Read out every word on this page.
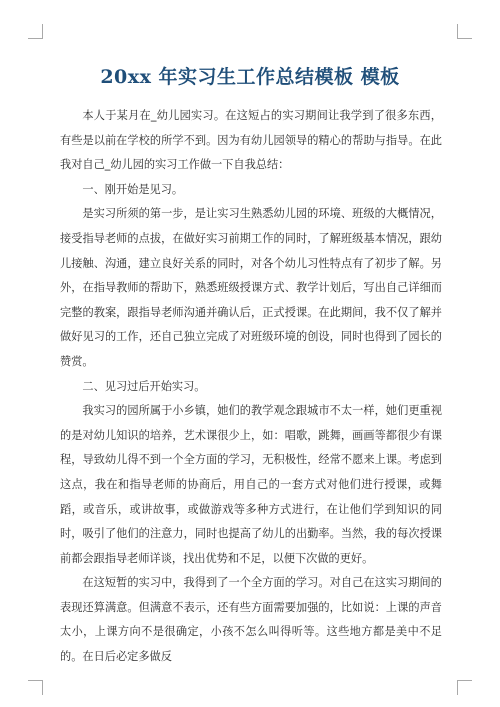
20xx 年实习生工作总结模板 模板

本人于某月在_幼儿园实习。在这短占的实习期间让我学到了很多东西，有些是以前在学校的所学不到。因为有幼儿园领导的精心的帮助与指导。在此我对自己_幼儿园的实习工作做一下自我总结：

一、刚开始是见习。

是实习所须的第一步，是让实习生熟悉幼儿园的环境、班级的大概情况，接受指导老师的点拔，在做好实习前期工作的同时，了解班级基本情况，跟幼儿接触、沟通，建立良好关系的同时，对各个幼儿习性特点有了初步了解。另外，在指导教师的帮助下，熟悉班级授课方式、教学计划后，写出自己详细而完整的教案，跟指导老师沟通并确认后，正式授课。在此期间，我不仅了解并做好见习的工作，还自己独立完成了对班级环境的创设，同时也得到了园长的赞赏。

二、见习过后开始实习。

我实习的园所属于小乡镇，她们的教学观念跟城市不太一样，她们更重视的是对幼儿知识的培养，艺术课很少上，如：唱歌，跳舞，画画等都很少有课程，导致幼儿得不到一个全方面的学习，无积极性，经常不愿来上课。考虑到这点，我在和指导老师的协商后，用自己的一套方式对他们进行授课，或舞蹈，或音乐，或讲故事，或做游戏等多种方式进行，在让他们学到知识的同时，吸引了他们的注意力，同时也提高了幼儿的出勤率。当然，我的每次授课前都会跟指导老师详谈，找出优势和不足，以便下次做的更好。

在这短暂的实习中，我得到了一个全方面的学习。对自己在这实习期间的表现还算满意。但满意不表示，还有些方面需要加强的，比如说：上课的声音太小，上课方向不是很确定，小孩不怎么叫得听等。这些地方都是美中不足的。在日后必定多做反
